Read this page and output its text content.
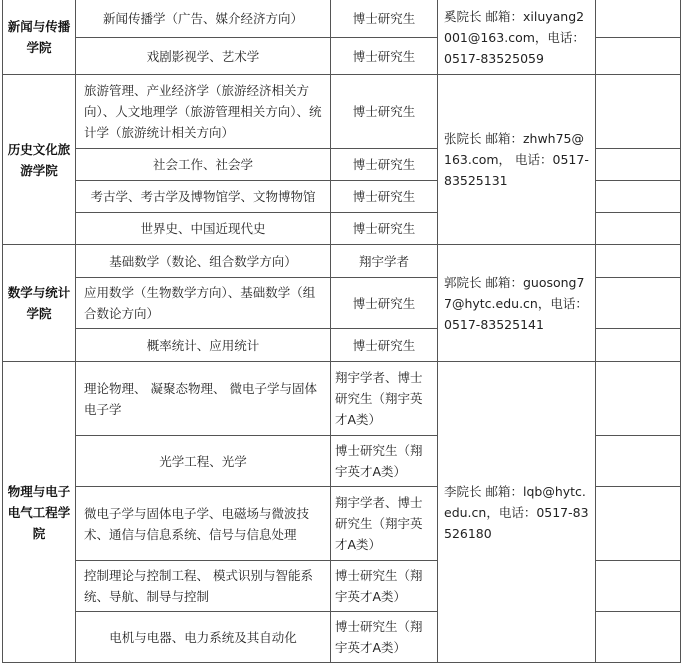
新闻与传播学院	新闻传播学（广告、媒介经济方向）	博士研究生	奚院长 邮箱：xiluyang2001@163.com，电话：0517-83525059	
	戏剧影视学、艺术学	博士研究生		
历史文化旅游学院	旅游管理、产业经济学（旅游经济相关方向）、人文地理学（旅游管理相关方向）、统计学（旅游统计相关方向）	博士研究生	张院长 邮箱：zhwh75@163.com， 电话：0517-83525131	
	社会工作、社会学	博士研究生		
	考古学、考古学及博物馆学、文物博物馆	博士研究生		
	世界史、中国近现代史	博士研究生		
数学与统计学院	基础数学（数论、组合数学方向）	翔宇学者	郭院长 邮箱：guosong77@hytc.edu.cn，电话：0517-83525141	
	应用数学（生物数学方向）、基础数学（组合数论方向）	博士研究生		
	概率统计、应用统计	博士研究生		
物理与电子电气工程学院	理论物理、 凝聚态物理、 微电子学与固体电子学	翔宇学者、博士研究生（翔宇英才A类）	李院长 邮箱：lqb@hytc.edu.cn，电话：0517-83526180	
	光学工程、光学	博士研究生（翔宇英才A类）		
	微电子学与固体电子学、电磁场与微波技术、通信与信息系统、信号与信息处理	翔宇学者、博士研究生（翔宇英才A类）		
	控制理论与控制工程、 模式识别与智能系统、导航、制导与控制	博士研究生（翔宇英才A类）		
	电机与电器、电力系统及其自动化	博士研究生（翔宇英才A类）		
